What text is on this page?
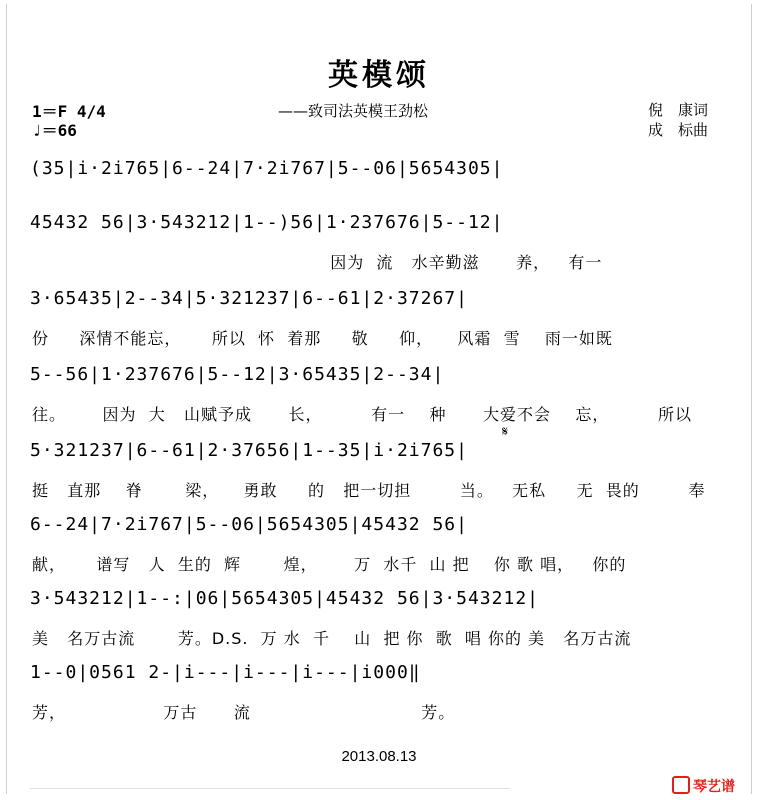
英模颂
——致司法英模王劲松
1＝F 4/4
♩＝66
倪　康词
成　标曲
(35|i·2i765|6--24|7·2i767|5--06|5654305|
45432 56|3·543212|1--)56|1·237676|5--12|
因为  流   水辛勤滋      养，   有一
3·65435|2--34|5·321237|6--61|2·37267|
份     深情不能忘，     所以  怀  着那     敬     仰，    风霜  雪    雨一如既
5--56|1·237676|5--12|3·65435|2--34|
往。      因为  大   山赋予成      长，        有一    种      大爱不会    忘，        所以
𝄋
5·321237|6--61|2·37656|1--35|i·2i765|
挺   直那    脊       梁，    勇敢     的   把一切担        当。   无私     无  畏的        奉
6--24|7·2i767|5--06|5654305|45432 56|
献，     谱写   人  生的  辉       煌，      万  水千  山 把    你 歌 唱，   你的
3·543212|1--:|06|5654305|45432 56|3·543212|
美   名万古流       芳。D.S.  万 水  千    山  把 你  歌  唱 你的 美   名万古流
1--0|0561 2-|i---|i---|i---|i000‖
芳，                万古      流                            芳。
2013.08.13
琴艺谱
